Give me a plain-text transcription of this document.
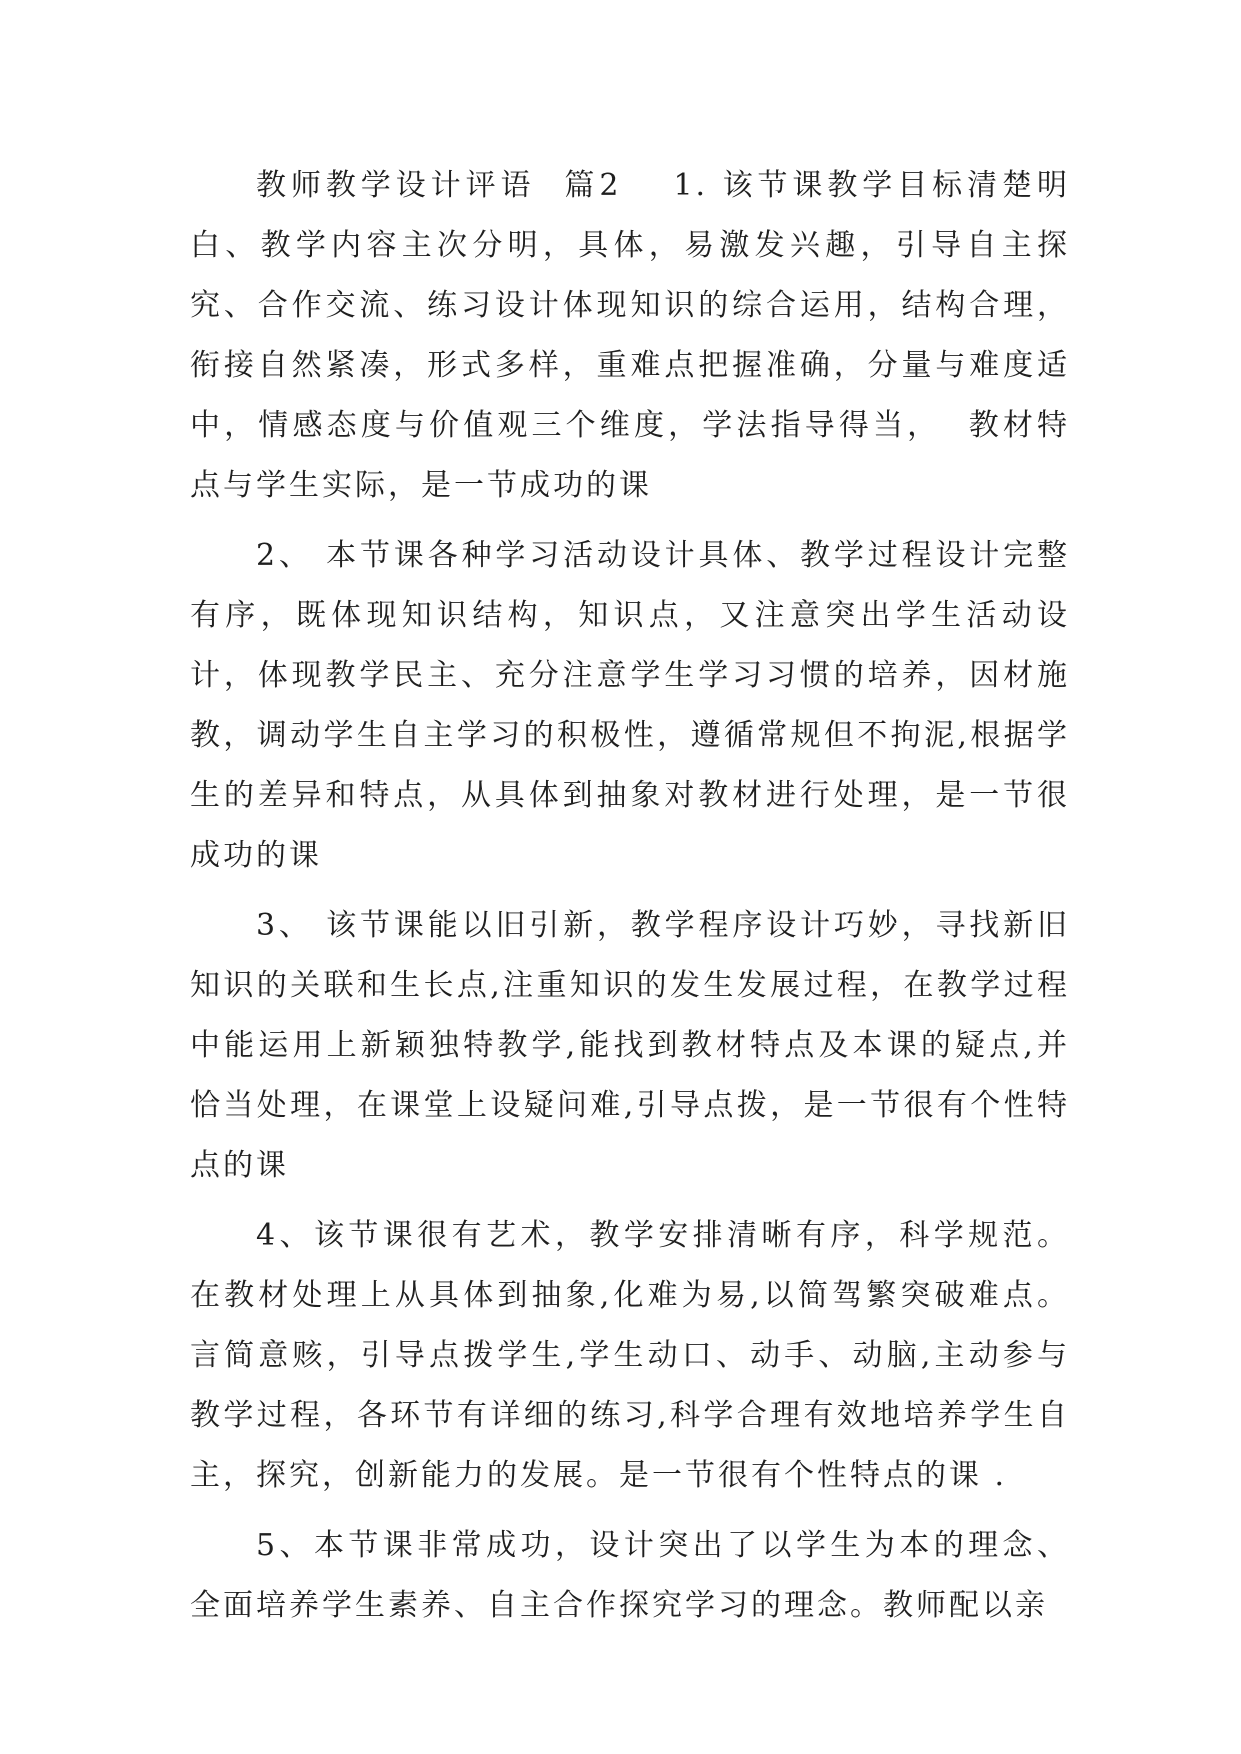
教师教学设计评语  篇2 1. 该节课教学目标清楚明白、教学内容主次分明，具体，易激发兴趣，引导自主探究、合作交流、练习设计体现知识的综合运用，结构合理，衔接自然紧凑，形式多样，重难点把握准确，分量与难度适中，情感态度与价值观三个维度，学法指导得当，  教材特点与学生实际，是一节成功的课

2、 本节课各种学习活动设计具体、教学过程设计完整有序，既体现知识结构，知识点，又注意突出学生活动设计，体现教学民主、充分注意学生学习习惯的培养，因材施教，调动学生自主学习的积极性，遵循常规但不拘泥,根据学生的差异和特点，从具体到抽象对教材进行处理，是一节很成功的课

3、 该节课能以旧引新，教学程序设计巧妙，寻找新旧知识的关联和生长点,注重知识的发生发展过程，在教学过程中能运用上新颖独特教学,能找到教材特点及本课的疑点,并恰当处理，在课堂上设疑问难,引导点拨，是一节很有个性特点的课

4、该节课很有艺术，教学安排清晰有序，科学规范。在教材处理上从具体到抽象,化难为易,以简驾繁突破难点。言简意赅，引导点拨学生,学生动口、动手、动脑,主动参与教学过程，各环节有详细的练习,科学合理有效地培养学生自主，探究，创新能力的发展。是一节很有个性特点的课 .

5、本节课非常成功，设计突出了以学生为本的理念、全面培养学生素养、自主合作探究学习的理念。教师配以亲
